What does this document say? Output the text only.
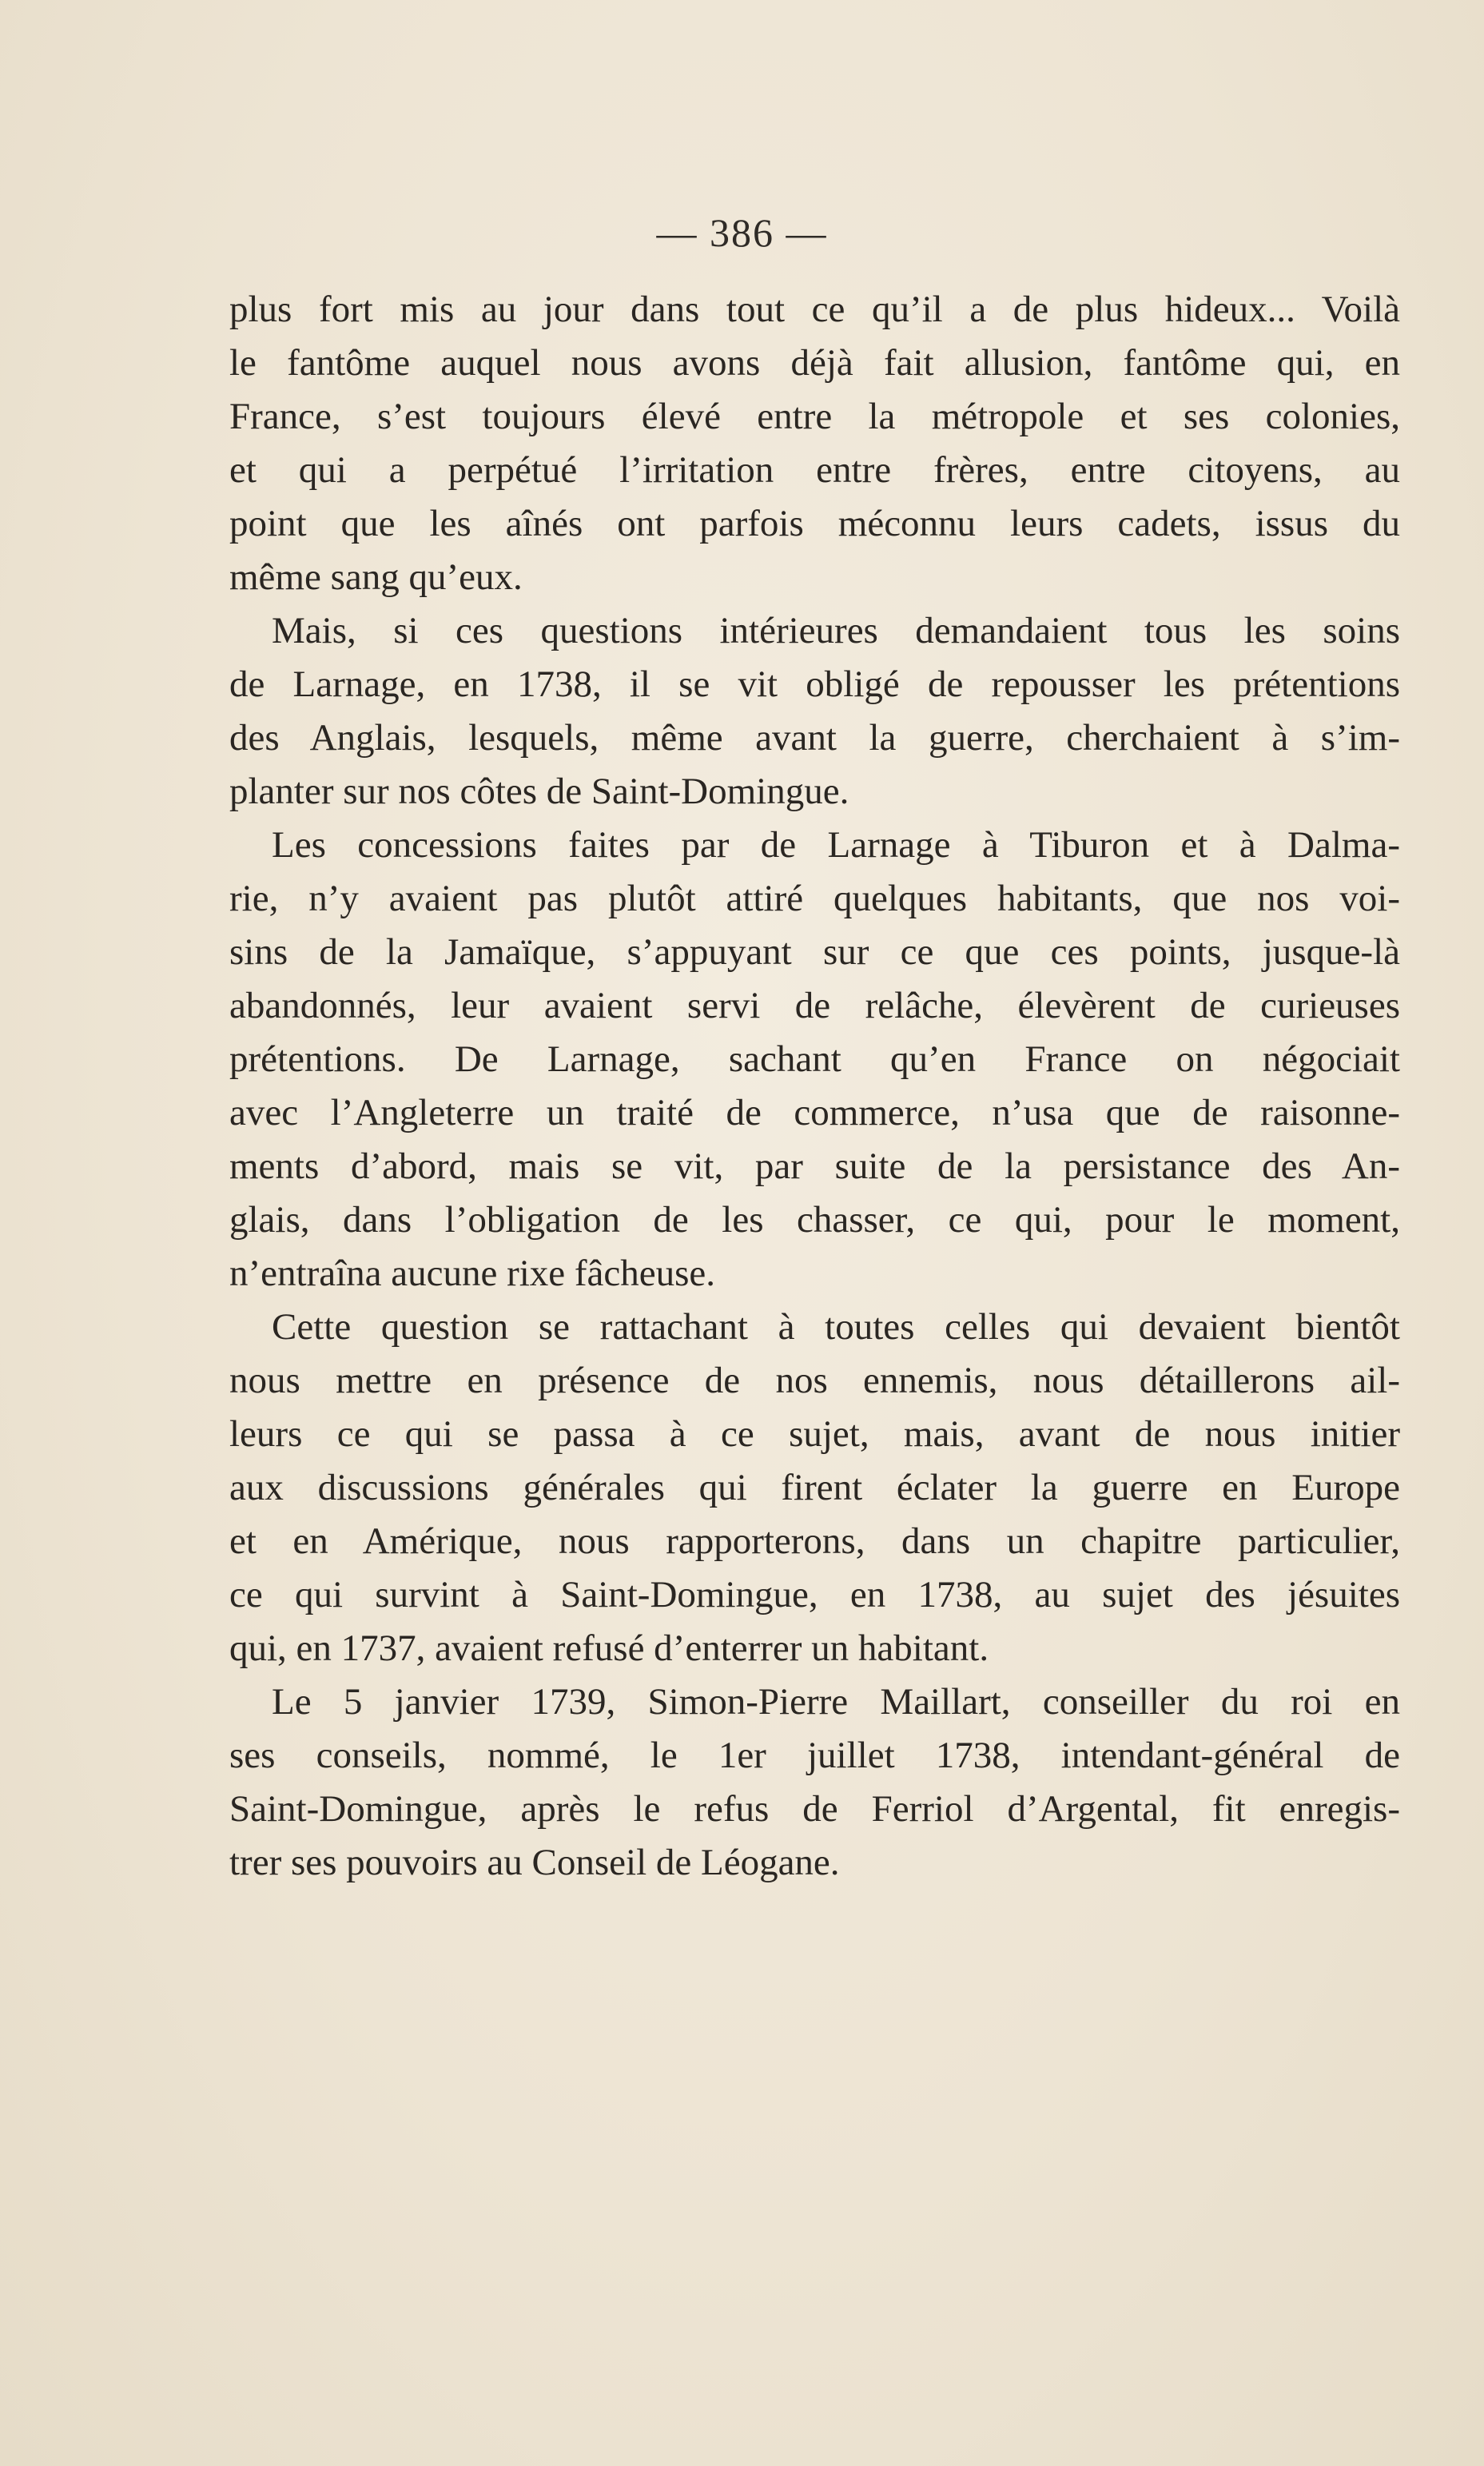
— 386 —
plus fort mis au jour dans tout ce qu’il a de plus hideux... Voilà
le fantôme auquel nous avons déjà fait allusion, fantôme qui, en
France, s’est toujours élevé entre la métropole et ses colonies,
et qui a perpétué l’irritation entre frères, entre citoyens, au
point que les aînés ont parfois méconnu leurs cadets, issus du
même sang qu’eux.
Mais, si ces questions intérieures demandaient tous les soins
de Larnage, en 1738, il se vit obligé de repousser les prétentions
des Anglais, lesquels, même avant la guerre, cherchaient à s’im-
planter sur nos côtes de Saint-Domingue.
Les concessions faites par de Larnage à Tiburon et à Dalma-
rie, n’y avaient pas plutôt attiré quelques habitants, que nos voi-
sins de la Jamaïque, s’appuyant sur ce que ces points, jusque-là
abandonnés, leur avaient servi de relâche, élevèrent de curieuses
prétentions. De Larnage, sachant qu’en France on négociait
avec l’Angleterre un traité de commerce, n’usa que de raisonne-
ments d’abord, mais se vit, par suite de la persistance des An-
glais, dans l’obligation de les chasser, ce qui, pour le moment,
n’entraîna aucune rixe fâcheuse.
Cette question se rattachant à toutes celles qui devaient bientôt
nous mettre en présence de nos ennemis, nous détaillerons ail-
leurs ce qui se passa à ce sujet, mais, avant de nous initier
aux discussions générales qui firent éclater la guerre en Europe
et en Amérique, nous rapporterons, dans un chapitre particulier,
ce qui survint à Saint-Domingue, en 1738, au sujet des jésuites
qui, en 1737, avaient refusé d’enterrer un habitant.
Le 5 janvier 1739, Simon-Pierre Maillart, conseiller du roi en
ses conseils, nommé, le 1er juillet 1738, intendant-général de
Saint-Domingue, après le refus de Ferriol d’Argental, fit enregis-
trer ses pouvoirs au Conseil de Léogane.
